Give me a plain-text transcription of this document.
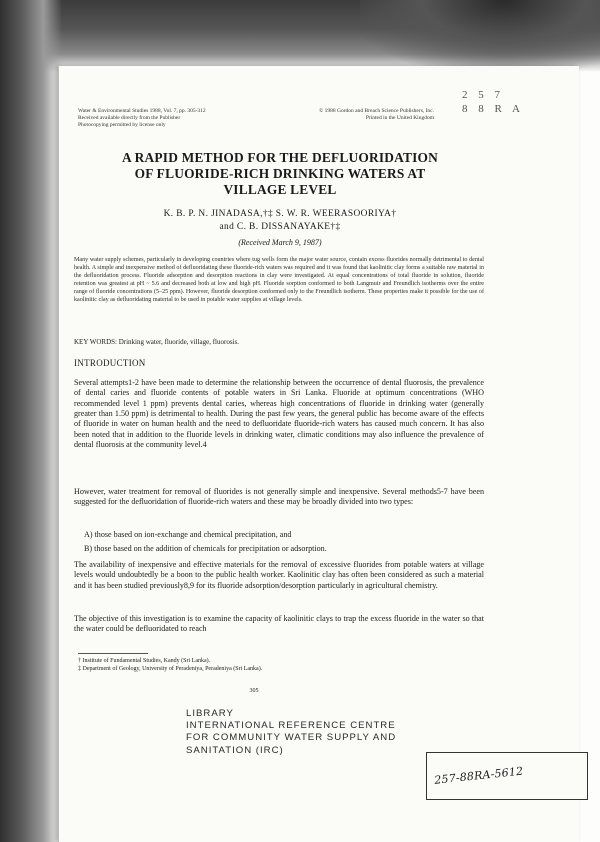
Water & Environmental Studies 1988, Vol. 7, pp. 305-312
Received available directly from the Publisher
Photocopying permitted by license only
© 1988 Gordon and Breach Science Publishers, Inc.
Printed in the United Kingdom
2 5 7
8 8 R A
A RAPID METHOD FOR THE DEFLUORIDATION
OF FLUORIDE-RICH DRINKING WATERS AT
VILLAGE LEVEL
K. B. P. N. JINADASA,†‡ S. W. R. WEERASOORIYA†
and C. B. DISSANAYAKE†‡
(Received March 9, 1987)

Many water supply schemes, particularly in developing countries where tug wells form the major water source, contain excess fluorides normally detrimental to dental health. A simple and inexpensive method of defluoridating these fluoride-rich waters was required and it was found that kaolinitic clay forms a suitable raw material in the defluoridation process. Fluoride adsorption and desorption reactions in clay were investigated. At equal concentrations of total fluoride in solution, fluoride retention was greatest at pH ~ 5.6 and decreased both at low and high pH. Fluoride sorption conformed to both Langmuir and Freundlich isotherms over the entire range of fluoride concentrations (5–25 ppm). However, fluoride desorption conformed only to the Freundlich isotherm. These properties make it possible for the use of kaolinitic clay as defluoridating material to be used in potable water supplies at village levels.

KEY WORDS: Drinking water, fluoride, village, fluorosis.

INTRODUCTION

Several attempts1-2 have been made to determine the relationship between the occurrence of dental fluorosis, the prevalence of dental caries and fluoride contents of potable waters in Sri Lanka. Fluoride at optimum concentrations (WHO recommended level 1 ppm) prevents dental caries, whereas high concentrations of fluoride in drinking water (generally greater than 1.50 ppm) is detrimental to health. During the past few years, the general public has become aware of the effects of fluoride in water on human health and the need to defluoridate fluoride-rich waters has caused much concern. It has also been noted that in addition to the fluoride levels in drinking water, climatic conditions may also influence the prevalence of dental fluorosis at the community level.4

However, water treatment for removal of fluorides is not generally simple and inexpensive. Several methods5-7 have been suggested for the defluoridation of fluoride-rich waters and these may be broadly divided into two types:

A) those based on ion-exchange and chemical precipitation, and
B) those based on the addition of chemicals for precipitation or adsorption.

The availability of inexpensive and effective materials for the removal of excessive fluorides from potable waters at village levels would undoubtedly be a boon to the public health worker. Kaolinitic clay has often been considered as such a material and it has been studied previously8,9 for its fluoride adsorption/desorption particularly in agricultural chemistry.

The objective of this investigation is to examine the capacity of kaolinitic clays to trap the excess fluoride in the water so that the water could be defluoridated to reach

† Institute of Fundamental Studies, Kandy (Sri Lanka).
‡ Department of Geology, University of Peradeniya, Peradeniya (Sri Lanka).
305
LIBRARY
INTERNATIONAL REFERENCE CENTRE
FOR COMMUNITY WATER SUPPLY AND
SANITATION (IRC)
257-88RA-5612
